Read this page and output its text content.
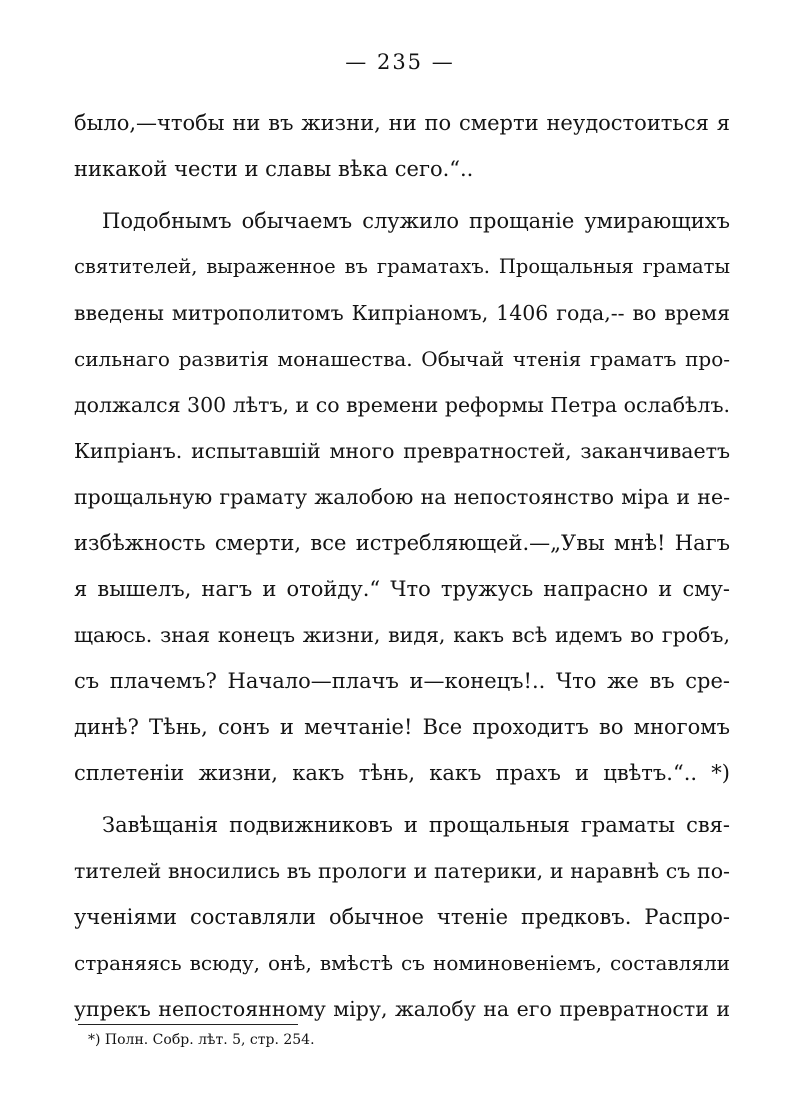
— 235 —
было,—чтобы ни въ жизни, ни по смерти неудостоиться я
никакой чести и славы вѣка сего.“..
Подобнымъ обычаемъ служило прощаніе умирающихъ
святителей, выраженное въ граматахъ. Прощальныя граматы
введены митрополитомъ Кипріаномъ, 1406 года,-- во время
сильнаго развитія монашества. Обычай чтенія граматъ про-
должался 300 лѣтъ, и со времени реформы Петра ослабѣлъ.
Кипріанъ. испытавшій много превратностей, заканчиваетъ
прощальную грамату жалобою на непостоянство міра и не-
избѣжность смерти, все истребляющей.—„Увы мнѣ! Нагъ
я вышелъ, нагъ и отойду.“ Что тружусь напрасно и сму-
щаюсь. зная конецъ жизни, видя, какъ всѣ идемъ во гробъ,
съ плачемъ? Начало—плачъ и—конецъ!.. Что же въ сре-
динѣ? Тѣнь, сонъ и мечтаніе! Все проходитъ во многомъ
сплетеніи жизни, какъ тѣнь, какъ прахъ и цвѣтъ.“.. *)
Завѣщанія подвижниковъ и прощальныя граматы свя-
тителей вносились въ прологи и патерики, и наравнѣ съ по-
ученіями составляли обычное чтеніе предковъ. Распро-
страняясь всюду, онѣ, вмѣстѣ съ номиновеніемъ, составляли
упрекъ непостоянному міру, жалобу на его превратности и
*) Полн. Собр. лѣт. 5, стр. 254.
